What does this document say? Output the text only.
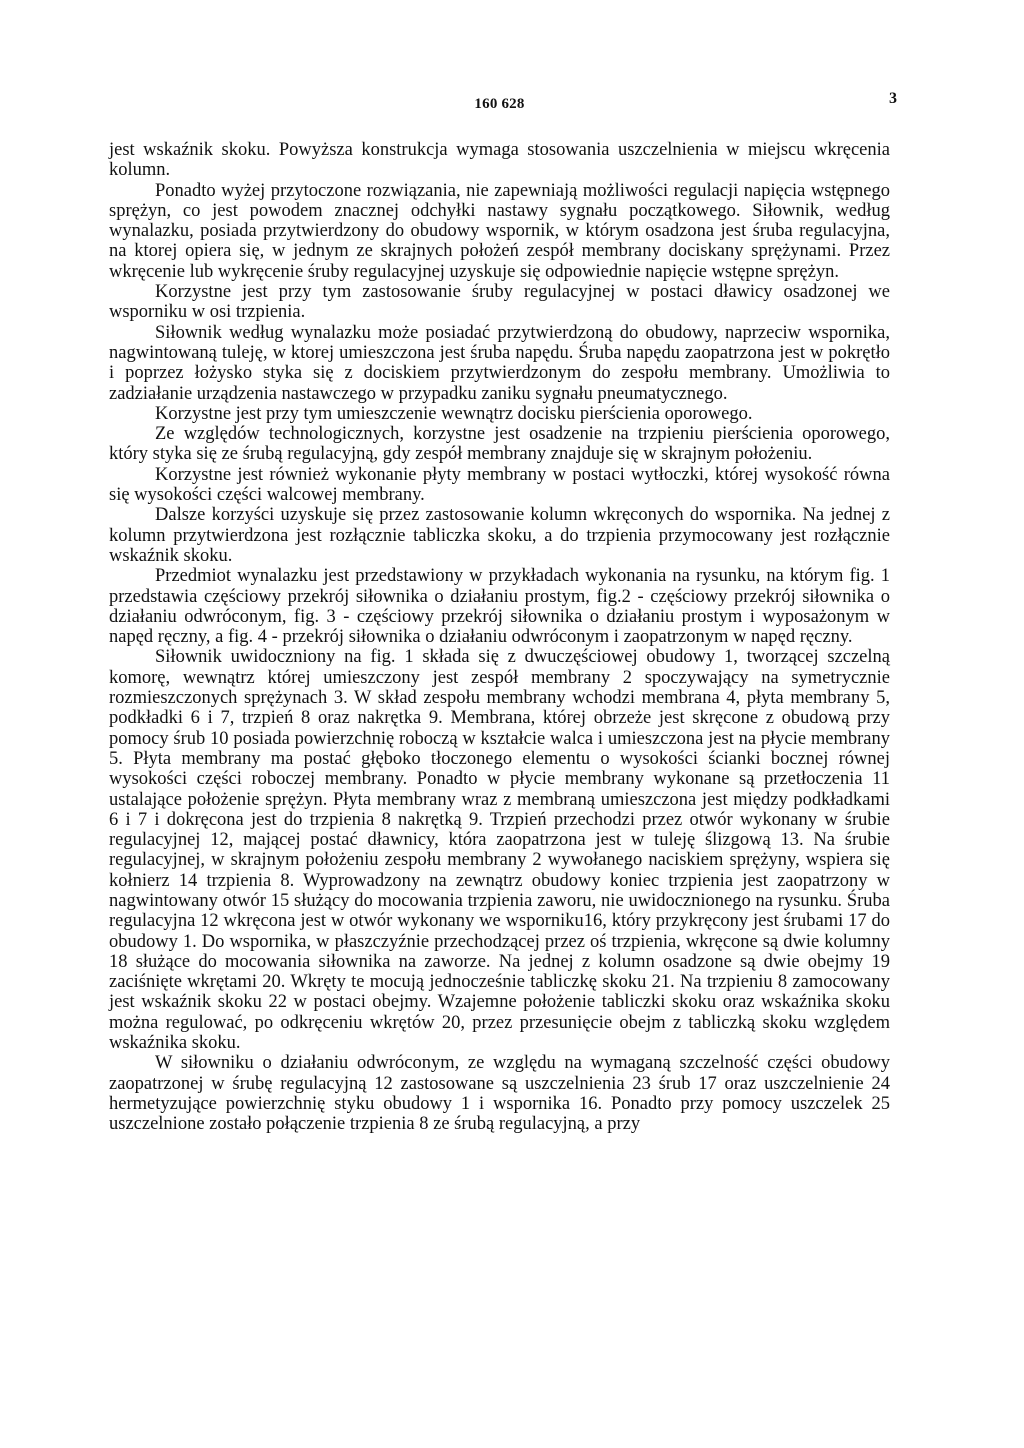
160 628	3

jest wskaźnik skoku. Powyższa konstrukcja wymaga stosowania uszczelnienia w miejscu wkręcenia kolumn.

Ponadto wyżej przytoczone rozwiązania, nie zapewniają możliwości regulacji napięcia wstępnego sprężyn, co jest powodem znacznej odchyłki nastawy sygnału początkowego. Siłownik, według wynalazku, posiada przytwierdzony do obudowy wspornik, w którym osadzona jest śruba regulacyjna, na ktorej opiera się, w jednym ze skrajnych położeń zespół membrany dociskany sprężynami. Przez wkręcenie lub wykręcenie śruby regulacyjnej uzyskuje się odpowiednie napięcie wstępne sprężyn.

Korzystne jest przy tym zastosowanie śruby regulacyjnej w postaci dławicy osadzonej we wsporniku w osi trzpienia.

Siłownik według wynalazku może posiadać przytwierdzoną do obudowy, naprzeciw wspornika, nagwintowaną tuleję, w ktorej umieszczona jest śruba napędu. Śruba napędu zaopatrzona jest w pokrętło i poprzez łożysko styka się z dociskiem przytwierdzonym do zespołu membrany. Umożliwia to zadziałanie urządzenia nastawczego w przypadku zaniku sygnału pneumatycznego.

Korzystne jest przy tym umieszczenie wewnątrz docisku pierścienia oporowego.

Ze względów technologicznych, korzystne jest osadzenie na trzpieniu pierścienia oporowego, który styka się ze śrubą regulacyjną, gdy zespół membrany znajduje się w skrajnym położeniu.

Korzystne jest również wykonanie płyty membrany w postaci wytłoczki, której wysokość równa się wysokości części walcowej membrany.

Dalsze korzyści uzyskuje się przez zastosowanie kolumn wkręconych do wspornika. Na jednej z kolumn przytwierdzona jest rozłącznie tabliczka skoku, a do trzpienia przymocowany jest rozłącznie wskaźnik skoku.

Przedmiot wynalazku jest przedstawiony w przykładach wykonania na rysunku, na którym fig. 1 przedstawia częściowy przekrój siłownika o działaniu prostym, fig.2 - częściowy przekrój siłownika o działaniu odwróconym, fig. 3 - częściowy przekrój siłownika o działaniu prostym i wyposażonym w napęd ręczny, a fig. 4 - przekrój siłownika o działaniu odwróconym i zaopatrzonym w napęd ręczny.

Siłownik uwidoczniony na fig. 1 składa się z dwuczęściowej obudowy 1, tworzącej szczelną komorę, wewnątrz której umieszczony jest zespół membrany 2 spoczywający na symetrycznie rozmieszczonych sprężynach 3. W skład zespołu membrany wchodzi membrana 4, płyta membrany 5, podkładki 6 i 7, trzpień 8 oraz nakrętka 9. Membrana, której obrzeże jest skręcone z obudową przy pomocy śrub 10 posiada powierzchnię roboczą w kształcie walca i umieszczona jest na płycie membrany 5. Płyta membrany ma postać głęboko tłoczonego elementu o wysokości ścianki bocznej równej wysokości części roboczej membrany. Ponadto w płycie membrany wykonane są przetłoczenia 11 ustalające położenie sprężyn. Płyta membrany wraz z membraną umieszczona jest między podkładkami 6 i 7 i dokręcona jest do trzpienia 8 nakrętką 9. Trzpień przechodzi przez otwór wykonany w śrubie regulacyjnej 12, mającej postać dławnicy, która zaopatrzona jest w tuleję ślizgową 13. Na śrubie regulacyjnej, w skrajnym położeniu zespołu membrany 2 wywołanego naciskiem sprężyny, wspiera się kołnierz 14 trzpienia 8. Wyprowadzony na zewnątrz obudowy koniec trzpienia jest zaopatrzony w nagwintowany otwór 15 służący do mocowania trzpienia zaworu, nie uwidocznionego na rysunku. Śruba regulacyjna 12 wkręcona jest w otwór wykonany we wsporniku16, który przykręcony jest śrubami 17 do obudowy 1. Do wspornika, w płaszczyźnie przechodzącej przez oś trzpienia, wkręcone są dwie kolumny 18 służące do mocowania siłownika na zaworze. Na jednej z kolumn osadzone są dwie obejmy 19 zaciśnięte wkrętami 20. Wkręty te mocują jednocześnie tabliczkę skoku 21. Na trzpieniu 8 zamocowany jest wskaźnik skoku 22 w postaci obejmy. Wzajemne położenie tabliczki skoku oraz wskaźnika skoku można regulować, po odkręceniu wkrętów 20, przez przesunięcie obejm z tabliczką skoku względem wskaźnika skoku.

W siłowniku o działaniu odwróconym, ze względu na wymaganą szczelność części obudowy zaopatrzonej w śrubę regulacyjną 12 zastosowane są uszczelnienia 23 śrub 17 oraz uszczelnienie 24 hermetyzujące powierzchnię styku obudowy 1 i wspornika 16. Ponadto przy pomocy uszczelek 25 uszczelnione zostało połączenie trzpienia 8 ze śrubą regulacyjną, a przy
